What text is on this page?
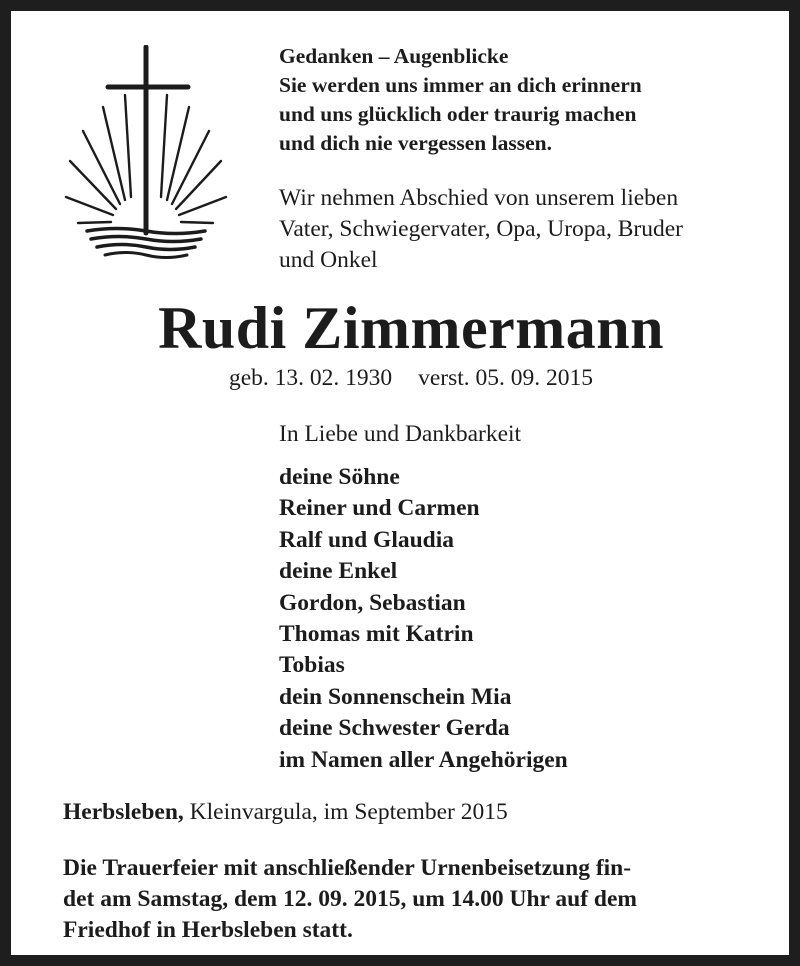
Gedanken – Augenblicke
Sie werden uns immer an dich erinnern
und uns glücklich oder traurig machen
und dich nie vergessen lassen.
Wir nehmen Abschied von unserem lieben
Vater, Schwiegervater, Opa, Uropa, Bruder
und Onkel
Rudi Zimmermann
geb. 13. 02. 1930 verst. 05. 09. 2015
In Liebe und Dankbarkeit
deine Söhne
Reiner und Carmen
Ralf und Glaudia
deine Enkel
Gordon, Sebastian
Thomas mit Katrin
Tobias
dein Sonnenschein Mia
deine Schwester Gerda
im Namen aller Angehörigen
Herbsleben, Kleinvargula, im September 2015
Die Trauerfeier mit anschließender Urnenbeisetzung fin-
det am Samstag, dem 12. 09. 2015, um 14.00 Uhr auf dem
Friedhof in Herbsleben statt.
